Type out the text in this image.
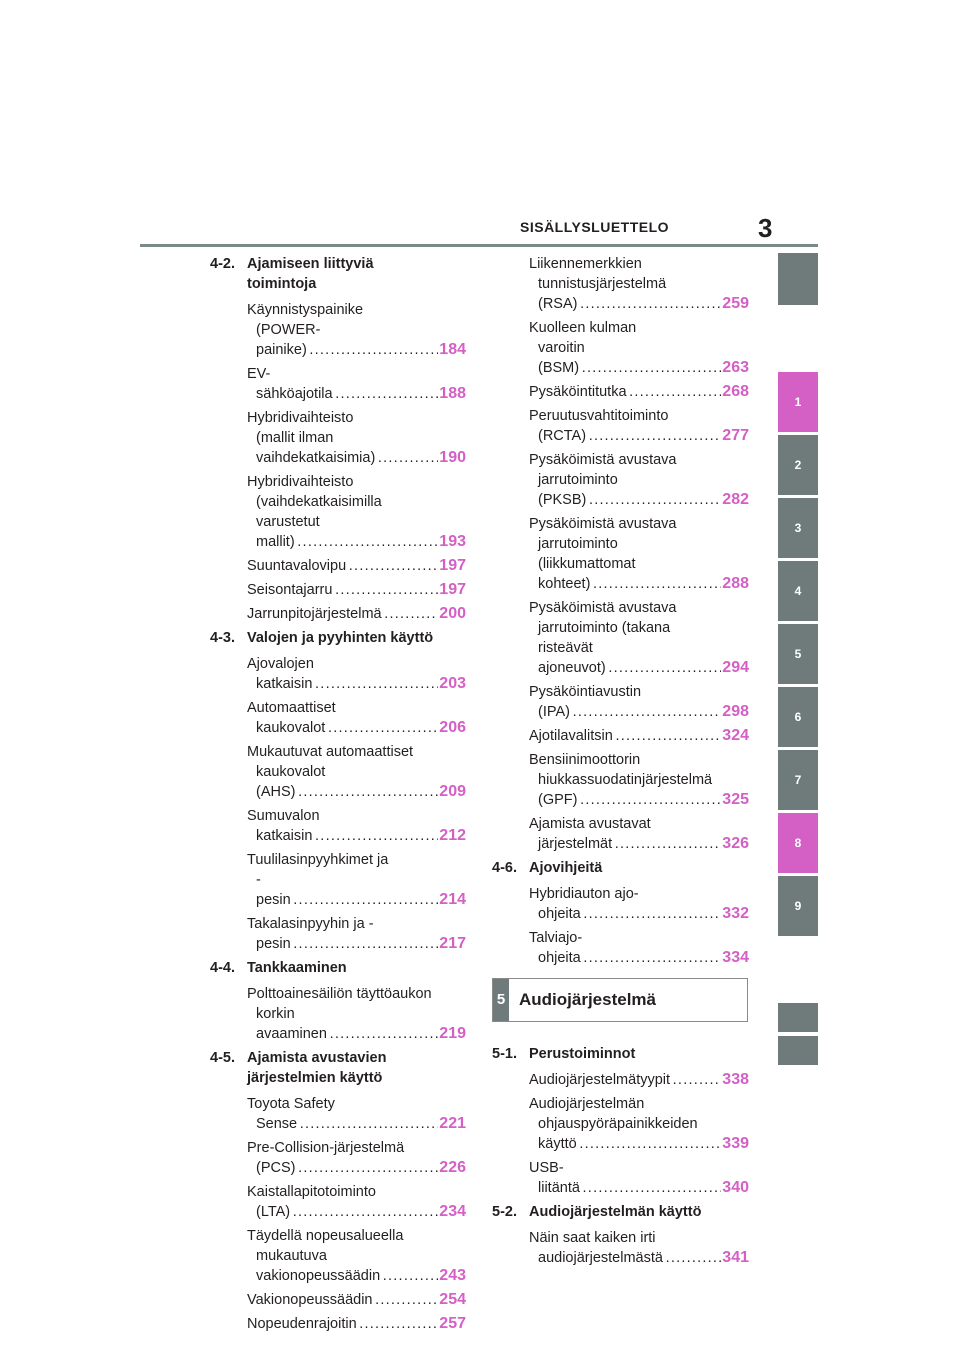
SISÄLLYSLUETTELO	3
4-2. Ajamiseen liittyviä
toimintoja
Käynnistyspainike
(POWER-painike) . . .	184
EV-sähköajotila . . .	188
Hybridivaihteisto
(mallit ilman
vaihdekatkaisimia) . . .	190
Hybridivaihteisto
(vaihdekatkaisimilla
varustetut mallit) . . .	193
Suuntavalovipu . . .	197
Seisontajarru . . .	197
Jarrunpitojärjestelmä . . .	200
4-3. Valojen ja pyyhinten käyttö
Ajovalojen katkaisin . . .	203
Automaattiset kaukovalot . . .	206
Mukautuvat automaattiset
kaukovalot (AHS) . . .	209
Sumuvalon katkaisin . . .	212
Tuulilasinpyyhkimet ja
-pesin . . .	214
Takalasinpyyhin ja -pesin . . .	217
4-4. Tankkaaminen
Polttoainesäiliön täyttöaukon
korkin avaaminen . . .	219
4-5. Ajamista avustavien
järjestelmien käyttö
Toyota Safety Sense . . .	221
Pre-Collision-järjestelmä
(PCS) . . .	226
Kaistallapitotoiminto
(LTA) . . .	234
Täydellä nopeusalueella
mukautuva
vakionopeussäädin . . .	243
Vakionopeussäädin . . .	254
Nopeudenrajoitin . . .	257
Liikennemerkkien
tunnistusjärjestelmä
(RSA) . . .	259
Kuolleen kulman
varoitin (BSM) . . .	263
Pysäköintitutka . . .	268
Peruutusvahtitoiminto
(RCTA) . . .	277
Pysäköimistä avustava
jarrutoiminto (PKSB) . . .	282
Pysäköimistä avustava
jarrutoiminto
(liikkumattomat kohteet) . . .	288
Pysäköimistä avustava
jarrutoiminto (takana
risteävät ajoneuvot) . . .	294
Pysäköintiavustin (IPA) . . .	298
Ajotilavalitsin . . .	324
Bensiinimoottorin
hiukkassuodatinjärjestelmä
(GPF) . . .	325
Ajamista avustavat
järjestelmät . . .	326
4-6. Ajovihjeitä
Hybridiauton ajo-ohjeita . . .	332
Talviajo-ohjeita . . .	334
5 Audiojärjestelmä
5-1. Perustoiminnot
Audiojärjestelmätyypit . . .	338
Audiojärjestelmän
ohjauspyöräpainikkeiden
käyttö . . .	339
USB-liitäntä . . .	340
5-2. Audiojärjestelmän käyttö
Näin saat kaiken irti
audiojärjestelmästä . . .	341
1
2
3
4
5
6
7
8
9
